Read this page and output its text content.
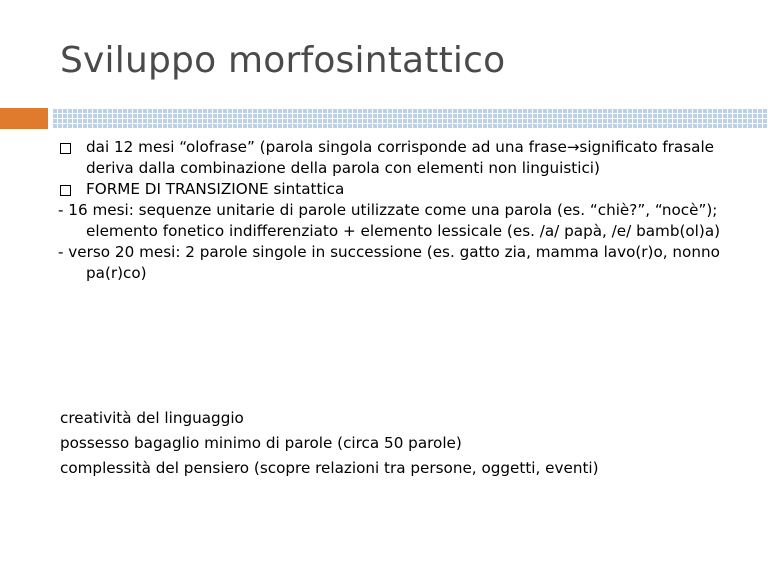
Sviluppo morfosintattico
dai 12 mesi “olofrase” (parola singola corrisponde ad una frase→significato frasale deriva dalla combinazione della parola con elementi non linguistici)
FORME DI TRANSIZIONE sintattica
- 16 mesi: sequenze unitarie di parole utilizzate come una parola (es. “chiè?”, “nocè”); elemento fonetico indifferenziato + elemento lessicale (es. /a/ papà, /e/ bamb(ol)a)
- verso 20 mesi: 2 parole singole in successione (es. gatto zia, mamma lavo(r)o, nonno pa(r)co)
creatività del linguaggio
possesso bagaglio minimo di parole (circa 50 parole)
complessità del pensiero (scopre relazioni tra persone, oggetti, eventi)
